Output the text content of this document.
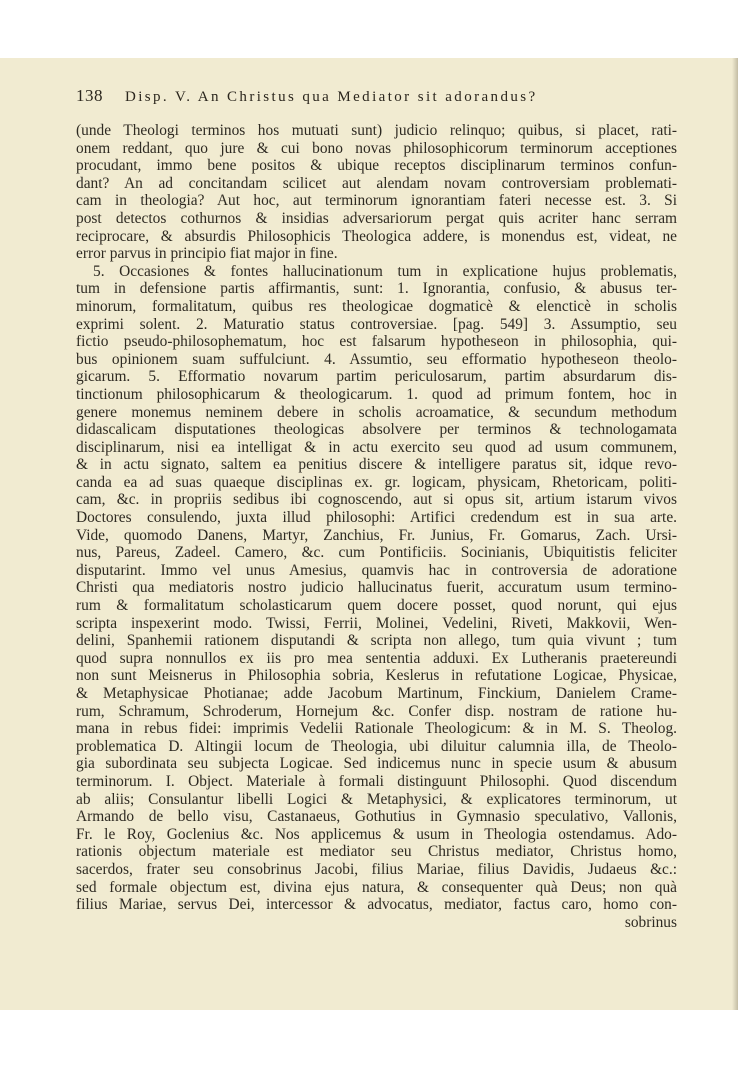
138 Disp. V. An Christus qua Mediator sit adorandus?
(unde Theologi terminos hos mutuati sunt) judicio relinquo; quibus, si placet, rati-
onem reddant, quo jure & cui bono novas philosophicorum terminorum acceptiones
procudant, immo bene positos & ubique receptos disciplinarum terminos confun-
dant? An ad concitandam scilicet aut alendam novam controversiam problemati-
cam in theologia? Aut hoc, aut terminorum ignorantiam fateri necesse est. 3. Si
post detectos cothurnos & insidias adversariorum pergat quis acriter hanc serram
reciprocare, & absurdis Philosophicis Theologica addere, is monendus est, videat, ne
error parvus in principio fiat major in fine.
5. Occasiones & fontes hallucinationum tum in explicatione hujus problematis,
tum in defensione partis affirmantis, sunt: 1. Ignorantia, confusio, & abusus ter-
minorum, formalitatum, quibus res theologicae dogmaticè & elencticè in scholis
exprimi solent. 2. Maturatio status controversiae. [pag. 549] 3. Assumptio, seu
fictio pseudo-philosophematum, hoc est falsarum hypotheseon in philosophia, qui-
bus opinionem suam suffulciunt. 4. Assumtio, seu efformatio hypotheseon theolo-
gicarum. 5. Efformatio novarum partim periculosarum, partim absurdarum dis-
tinctionum philosophicarum & theologicarum. 1. quod ad primum fontem, hoc in
genere monemus neminem debere in scholis acroamatice, & secundum methodum
didascalicam disputationes theologicas absolvere per terminos & technologamata
disciplinarum, nisi ea intelligat & in actu exercito seu quod ad usum communem,
& in actu signato, saltem ea penitius discere & intelligere paratus sit, idque revo-
canda ea ad suas quaeque disciplinas ex. gr. logicam, physicam, Rhetoricam, politi-
cam, &c. in propriis sedibus ibi cognoscendo, aut si opus sit, artium istarum vivos
Doctores consulendo, juxta illud philosophi: Artifici credendum est in sua arte.
Vide, quomodo Danens, Martyr, Zanchius, Fr. Junius, Fr. Gomarus, Zach. Ursi-
nus, Pareus, Zadeel. Camero, &c. cum Pontificiis. Socinianis, Ubiquitistis feliciter
disputarint. Immo vel unus Amesius, quamvis hac in controversia de adoratione
Christi qua mediatoris nostro judicio hallucinatus fuerit, accuratum usum termino-
rum & formalitatum scholasticarum quem docere posset, quod norunt, qui ejus
scripta inspexerint modo. Twissi, Ferrii, Molinei, Vedelini, Riveti, Makkovii, Wen-
delini, Spanhemii rationem disputandi & scripta non allego, tum quia vivunt ; tum
quod supra nonnullos ex iis pro mea sententia adduxi. Ex Lutheranis praetereundi
non sunt Meisnerus in Philosophia sobria, Keslerus in refutatione Logicae, Physicae,
& Metaphysicae Photianae; adde Jacobum Martinum, Finckium, Danielem Crame-
rum, Schramum, Schroderum, Hornejum &c. Confer disp. nostram de ratione hu-
mana in rebus fidei: imprimis Vedelii Rationale Theologicum: & in M. S. Theolog.
problematica D. Altingii locum de Theologia, ubi diluitur calumnia illa, de Theolo-
gia subordinata seu subjecta Logicae. Sed indicemus nunc in specie usum & abusum
terminorum. I. Object. Materiale à formali distinguunt Philosophi. Quod discendum
ab aliis; Consulantur libelli Logici & Metaphysici, & explicatores terminorum, ut
Armando de bello visu, Castanaeus, Gothutius in Gymnasio speculativo, Vallonis,
Fr. le Roy, Goclenius &c. Nos applicemus & usum in Theologia ostendamus. Ado-
rationis objectum materiale est mediator seu Christus mediator, Christus homo,
sacerdos, frater seu consobrinus Jacobi, filius Mariae, filius Davidis, Judaeus &c.:
sed formale objectum est, divina ejus natura, & consequenter quà Deus; non quà
filius Mariae, servus Dei, intercessor & advocatus, mediator, factus caro, homo con-
sobrinus
